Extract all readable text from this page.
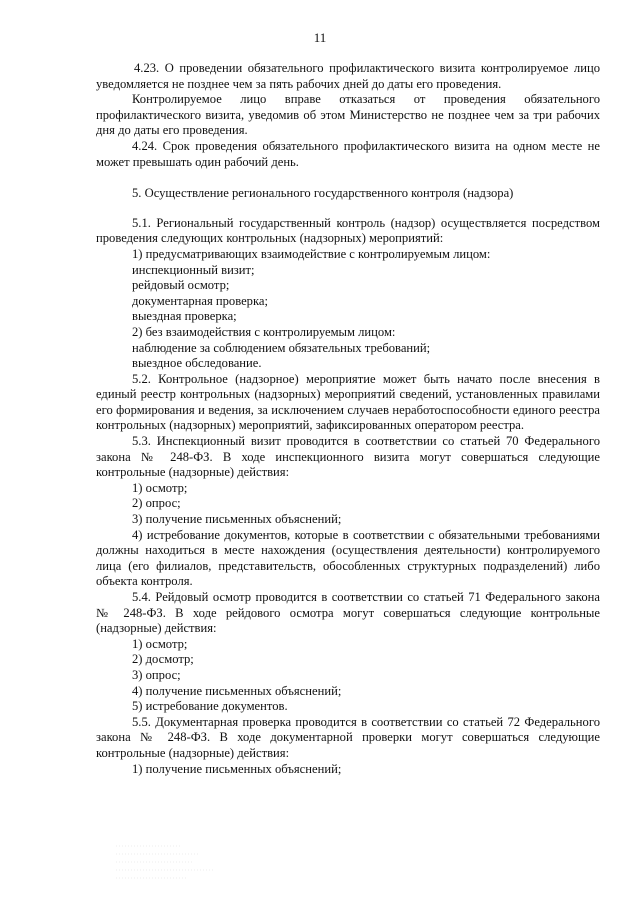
11

4.23. О проведении обязательного профилактического визита контролируемое лицо уведомляется не позднее чем за пять рабочих дней до даты его проведения.

Контролируемое лицо вправе отказаться от проведения обязательного профилактического визита, уведомив об этом Министерство не позднее чем за три рабочих дня до даты его проведения.

4.24. Срок проведения обязательного профилактического визита на одном месте не может превышать один рабочий день.

5. Осуществление регионального государственного контроля (надзора)

5.1. Региональный государственный контроль (надзор) осуществляется посредством проведения следующих контрольных (надзорных) мероприятий:

1) предусматривающих взаимодействие с контролируемым лицом:

инспекционный визит;

рейдовый осмотр;

документарная проверка;

выездная проверка;

2) без взаимодействия с контролируемым лицом:

наблюдение за соблюдением обязательных требований;

выездное обследование.

5.2. Контрольное (надзорное) мероприятие может быть начато после внесения в единый реестр контрольных (надзорных) мероприятий сведений, установленных правилами его формирования и ведения, за исключением случаев неработоспособности единого реестра контрольных (надзорных) мероприятий, зафиксированных оператором реестра.

5.3. Инспекционный визит проводится в соответствии со статьей 70 Федерального закона № 248-ФЗ. В ходе инспекционного визита могут совершаться следующие контрольные (надзорные) действия:

1) осмотр;

2) опрос;

3) получение письменных объяснений;

4) истребование документов, которые в соответствии с обязательными требованиями должны находиться в месте нахождения (осуществления деятельности) контролируемого лица (его филиалов, представительств, обособленных структурных подразделений) либо объекта контроля.

5.4. Рейдовый осмотр проводится в соответствии со статьей 71 Федерального закона № 248-ФЗ. В ходе рейдового осмотра могут совершаться следующие контрольные (надзорные) действия:

1) осмотр;

2) досмотр;

3) опрос;

4) получение письменных объяснений;

5) истребование документов.

5.5. Документарная проверка проводится в соответствии со статьей 72 Федерального закона № 248-ФЗ. В ходе документарной проверки могут совершаться следующие контрольные (надзорные) действия:

1) получение письменных объяснений;
